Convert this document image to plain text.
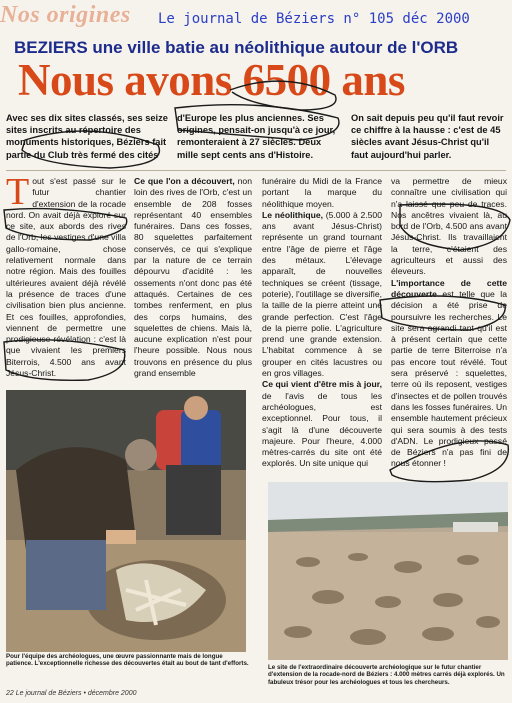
Nos origines	Le journal de Béziers n° 105 déc 2000
BEZIERS une ville batie au néolithique autour de l'ORB
Nous avons 6500 ans
Avec ses dix sites classés, ses seize sites inscrits au répertoire des monuments historiques, Béziers fait partie du Club très fermé des cités
d'Europe les plus anciennes. Ses origines, pensait-on jusqu'à ce jour, remonteraient à 27 siècles. Deux mille sept cents ans d'Histoire.
On sait depuis peu qu'il faut revoir ce chiffre à la hausse : c'est de 45 siècles avant Jésus-Christ qu'il faut aujourd'hui parler.

Tout s'est passé sur le futur chantier d'extension de la rocade nord. On avait déjà exploré sur ce site, aux abords des rives de l'Orb, les vestiges d'une villa gallo-romaine, chose relativement normale dans notre région. Mais des fouilles ultérieures avaient déjà révélé la présence de traces d'une civilisation bien plus ancienne. Et ces fouilles, approfondies, viennent de permettre une prodigieuse révélation : c'est là que vivaient les premiers Biterrois, 4.500 ans avant Jésus-Christ.

Ce que l'on a découvert, non loin des rives de l'Orb, c'est un ensemble de 208 fosses représentant 40 ensembles funéraires. Dans ces fosses, 80 squelettes parfaitement conservés, ce qui s'explique par la nature de ce terrain dépourvu d'acidité : les ossements n'ont donc pas été attaqués. Certaines de ces tombes renferment, en plus des corps humains, des squelettes de chiens. Mais là, aucune explication n'est pour l'heure possible. Nous nous trouvons en présence du plus grand ensemble

funéraire du Midi de la France portant la marque du néolithique moyen.

Le néolithique, (5.000 à 2.500 ans avant Jésus-Christ) représente un grand tournant entre l'âge de pierre et l'âge des métaux. L'élevage apparaît, de nouvelles techniques se créent (tissage, poterie), l'outillage se diversifie, la taille de la pierre atteint une grande perfection. C'est l'âge de la pierre polie. L'agriculture prend une grande extension. L'habitat commence à se grouper en cités lacustres ou en gros villages.

Ce qui vient d'être mis à jour, de l'avis de tous les archéologues, est exceptionnel. Pour tous, il s'agit là d'une découverte majeure. Pour l'heure, 4.000 mètres-carrés du site ont été explorés. Un site unique qui

va permettre de mieux connaître une civilisation qui n'a laissé que peu de traces. Nos ancêtres vivaient là, au bord de l'Orb, 4.500 ans avant Jésus-Christ. Ils travaillaient la terre, c'étaient des agriculteurs et aussi des éleveurs.

L'importance de cette découverte est telle que la décision a été prise de poursuivre les recherches. Le site sera agrandi tant qu'il est à présent certain que cette partie de terre Biterroise n'a pas encore tout révélé. Tout sera préservé : squelettes, terre où ils reposent, vestiges d'insectes et de pollen trouvés dans les fosses funéraires. Un ensemble hautement précieux qui sera soumis à des tests d'ADN. Le prodigieux passé de Béziers n'a pas fini de nous étonner !

Pour l'équipe des archéologues, une œuvre passionnante mais de longue patience. L'exceptionnelle richesse des découvertes était au bout de tant d'efforts.
Le site de l'extraordinaire découverte archéologique sur le futur chantier d'extension de la rocade-nord de Béziers : 4.000 mètres carrés déjà explorés. Un fabuleux trésor pour les archéologues et tous les chercheurs.
22 Le journal de Béziers • décembre 2000
